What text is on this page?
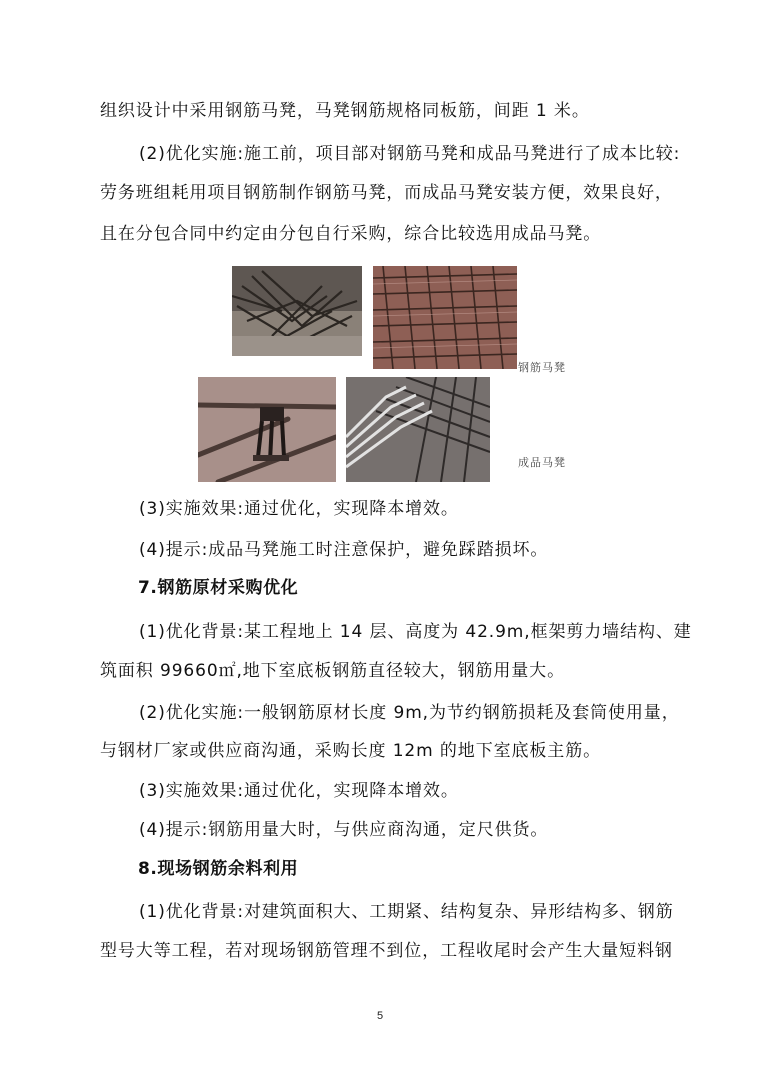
组织设计中采用钢筋马凳，马凳钢筋规格同板筋，间距 1 米。
(2)优化实施:施工前，项目部对钢筋马凳和成品马凳进行了成本比较:
劳务班组耗用项目钢筋制作钢筋马凳，而成品马凳安装方便，效果良好，
且在分包合同中约定由分包自行采购，综合比较选用成品马凳。
钢筋马凳
成品马凳
(3)实施效果:通过优化，实现降本增效。
(4)提示:成品马凳施工时注意保护，避免踩踏损坏。
7.钢筋原材采购优化
(1)优化背景:某工程地上 14 层、高度为 42.9m,框架剪力墙结构、建
筑面积 99660㎡,地下室底板钢筋直径较大，钢筋用量大。
(2)优化实施:一般钢筋原材长度 9m,为节约钢筋损耗及套筒使用量，
与钢材厂家或供应商沟通，采购长度 12m 的地下室底板主筋。
(3)实施效果:通过优化，实现降本增效。
(4)提示:钢筋用量大时，与供应商沟通，定尺供货。
8.现场钢筋余料利用
(1)优化背景:对建筑面积大、工期紧、结构复杂、异形结构多、钢筋
型号大等工程，若对现场钢筋管理不到位，工程收尾时会产生大量短料钢
5
